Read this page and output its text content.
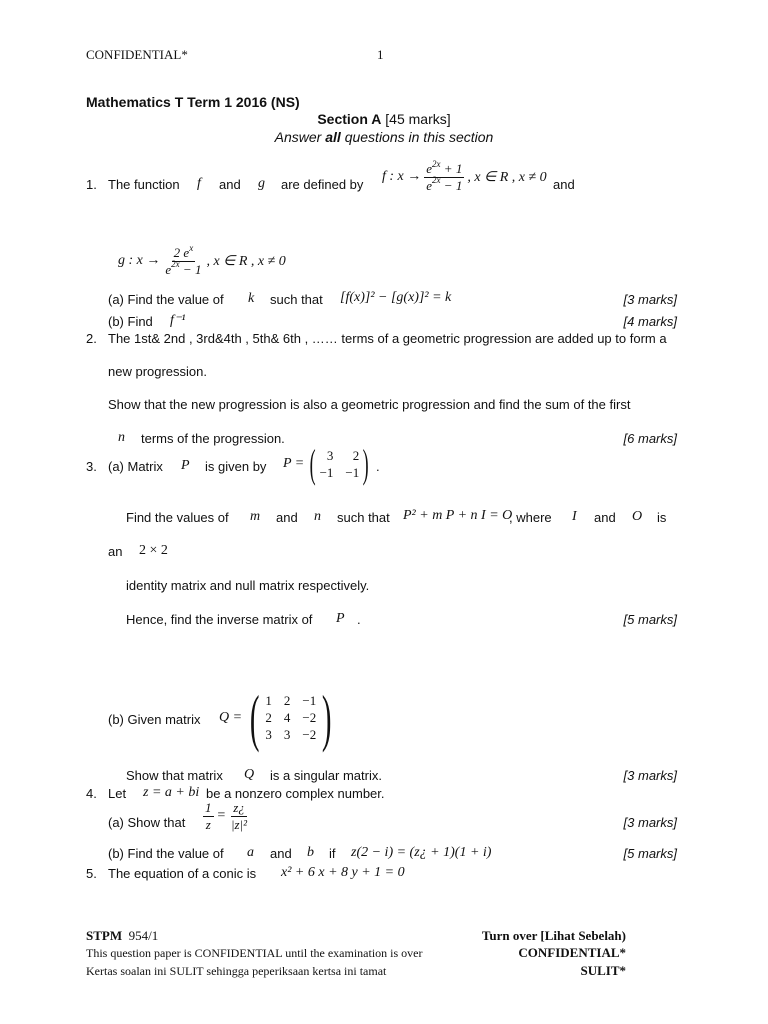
CONFIDENTIAL*	1
Mathematics T Term 1 2016 (NS)
Section A [45 marks]
Answer all questions in this section
1. The function f and g are defined by
f : $x \to \frac{e^{2x} + 1}{e^{2x} - 1}$ , x ∈ R , x ≠ 0 and
g : $x \to \frac{2 e^x}{e^{2x} - 1}$ , x ∈ R , x ≠ 0
(a) Find the value of k such that [f(x)]² − [g(x)]² = k	[3 marks]
(b) Find f⁻¹	[4 marks]
2. The 1st& 2nd , 3rd&4th , 5th& 6th , …… terms of a geometric progression are added up to form a
new progression.
Show that the new progression is also a geometric progression and find the sum of the first
n terms of the progression.	[6 marks]
3. (a) Matrix P is given by P = ( 3	2
−1 −1 ) .
Find the values of m and n such that P² + m P + n I = O
, where I and O is
an 2 × 2
identity matrix and null matrix respectively.
Hence, find the inverse matrix of P .	[5 marks]
(b) Given matrix Q = ( 1 2 −1
2 4 −2
3 3 −2 )
Show that matrix Q is a singular matrix.	[3 marks]
4. Let z = a + bi be a nonzero complex number.
(a) Show that $\frac{1}{z} = \frac{z¿}{\text{|z|²}}$	[3 marks]
(b) Find the value of a and b if z(2 − i) = (z¿ + 1)(1 + i)	[5 marks]
5. The equation of a conic is x² + 6 x + 8 y + 1 = 0
STPM 954/1	Turn over [Lihat Sebelah)
This question paper is CONFIDENTIAL until the examination is over	CONFIDENTIAL*
Kertas soalan ini SULIT sehingga peperiksaan kertsa ini tamat	SULIT*
